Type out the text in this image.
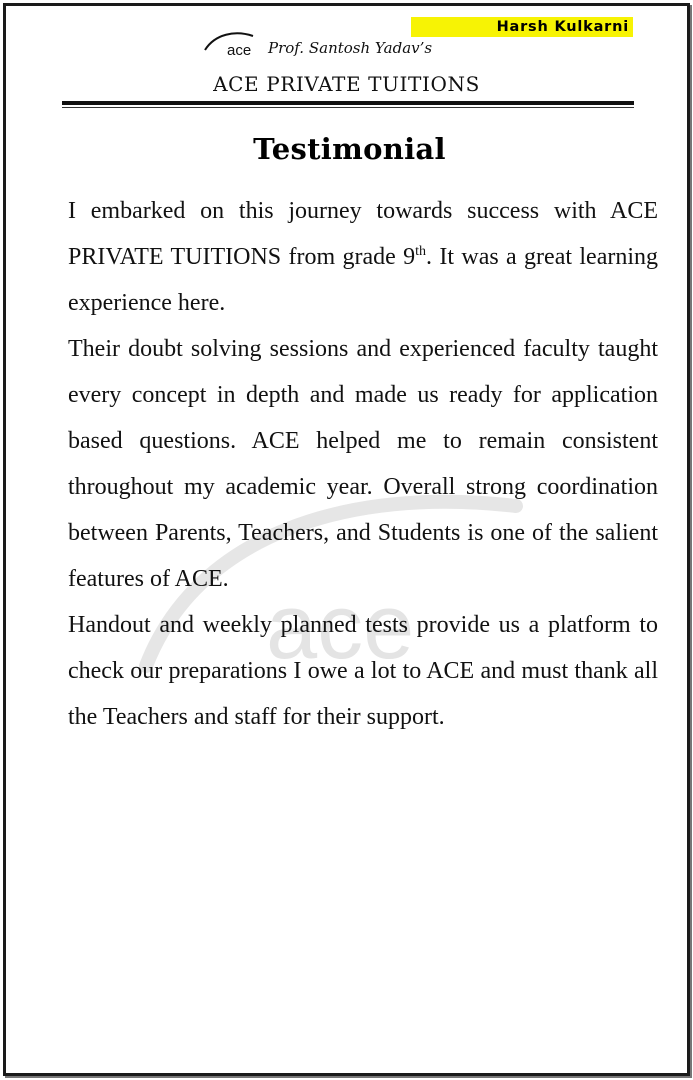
Harsh Kulkarni
ace Prof. Santosh Yadav’s
ACE PRIVATE TUITIONS
Testimonial
ace

I embarked on this journey towards success with ACE PRIVATE TUITIONS from grade 9th. It was a great learning experience here.

Their doubt solving sessions and experienced faculty taught every concept in depth and made us ready for application based questions. ACE helped me to remain consistent throughout my academic year. Overall strong coordination between Parents, Teachers, and Students is one of the salient features of ACE.

Handout and weekly planned tests provide us a platform to check our preparations I owe a lot to ACE and must thank all the Teachers and staff for their support.
